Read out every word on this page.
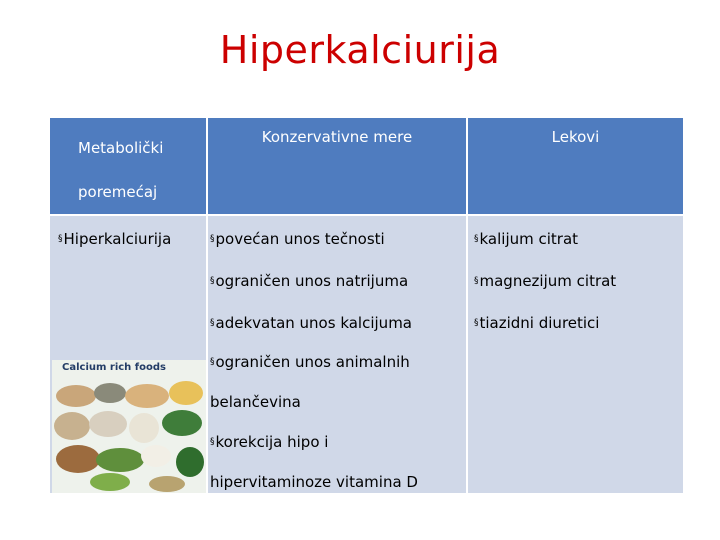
Hiperkalciurija
Metabolički poremećaj
Konzervativne mere	Lekovi
§Hiperkalciurija
Calcium rich foods
§povećan unos tečnosti
§ograničen unos natrijuma
§adekvatan unos kalcijuma
§ograničen unos animalnih belančevina
§korekcija hipo i hipervitaminoze vitamina D
§kalijum citrat
§magnezijum citrat
§tiazidni diuretici
